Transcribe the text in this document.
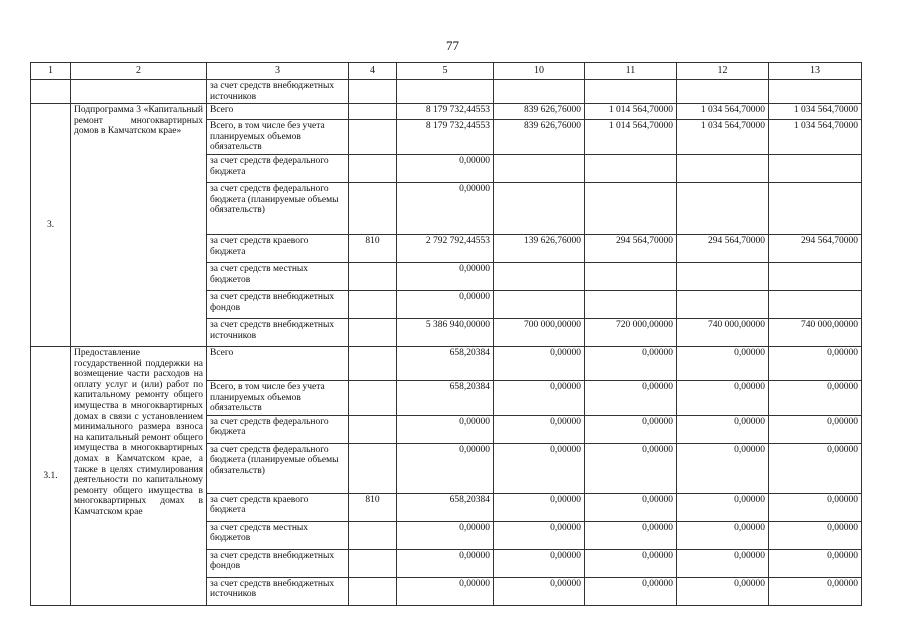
77
1	2	3	4	5	10	11	12	13
		за счет средств внебюджетных источников						
3.	Подпрограмма 3 «Капитальный ремонт многоквартирных домов в Камчатском крае»	Всего		8 179 732,44553	839 626,76000	1 014 564,70000	1 034 564,70000	1 034 564,70000
		Всего, в том числе без учета планируемых объемов обязательств		8 179 732,44553	839 626,76000	1 014 564,70000	1 034 564,70000	1 034 564,70000
		за счет средств федерального бюджета		0,00000				
		за счет средств федерального бюджета (планируемые объемы обязательств)		0,00000				
		за счет средств краевого бюджета	810	2 792 792,44553	139 626,76000	294 564,70000	294 564,70000	294 564,70000
		за счет средств местных бюджетов		0,00000				
		за счет средств внебюджетных фондов		0,00000				
		за счет средств внебюджетных источников		5 386 940,00000	700 000,00000	720 000,00000	740 000,00000	740 000,00000
3.1.	Предоставление государственной поддержки на возмещение части расходов на оплату услуг и (или) работ по капитальному ремонту общего имущества в многоквартирных домах в связи с установлением минимального размера взноса на капитальный ремонт общего имущества в многоквартирных домах в Камчатском крае, а также в целях стимулирования деятельности по капитальному ремонту общего имущества в многоквартирных домах в Камчатском крае	Всего		658,20384	0,00000	0,00000	0,00000	0,00000
		Всего, в том числе без учета планируемых объемов обязательств		658,20384	0,00000	0,00000	0,00000	0,00000
		за счет средств федерального бюджета		0,00000	0,00000	0,00000	0,00000	0,00000
		за счет средств федерального бюджета (планируемые объемы обязательств)		0,00000	0,00000	0,00000	0,00000	0,00000
		за счет средств краевого бюджета	810	658,20384	0,00000	0,00000	0,00000	0,00000
		за счет средств местных бюджетов		0,00000	0,00000	0,00000	0,00000	0,00000
		за счет средств внебюджетных фондов		0,00000	0,00000	0,00000	0,00000	0,00000
		за счет средств внебюджетных источников		0,00000	0,00000	0,00000	0,00000	0,00000
